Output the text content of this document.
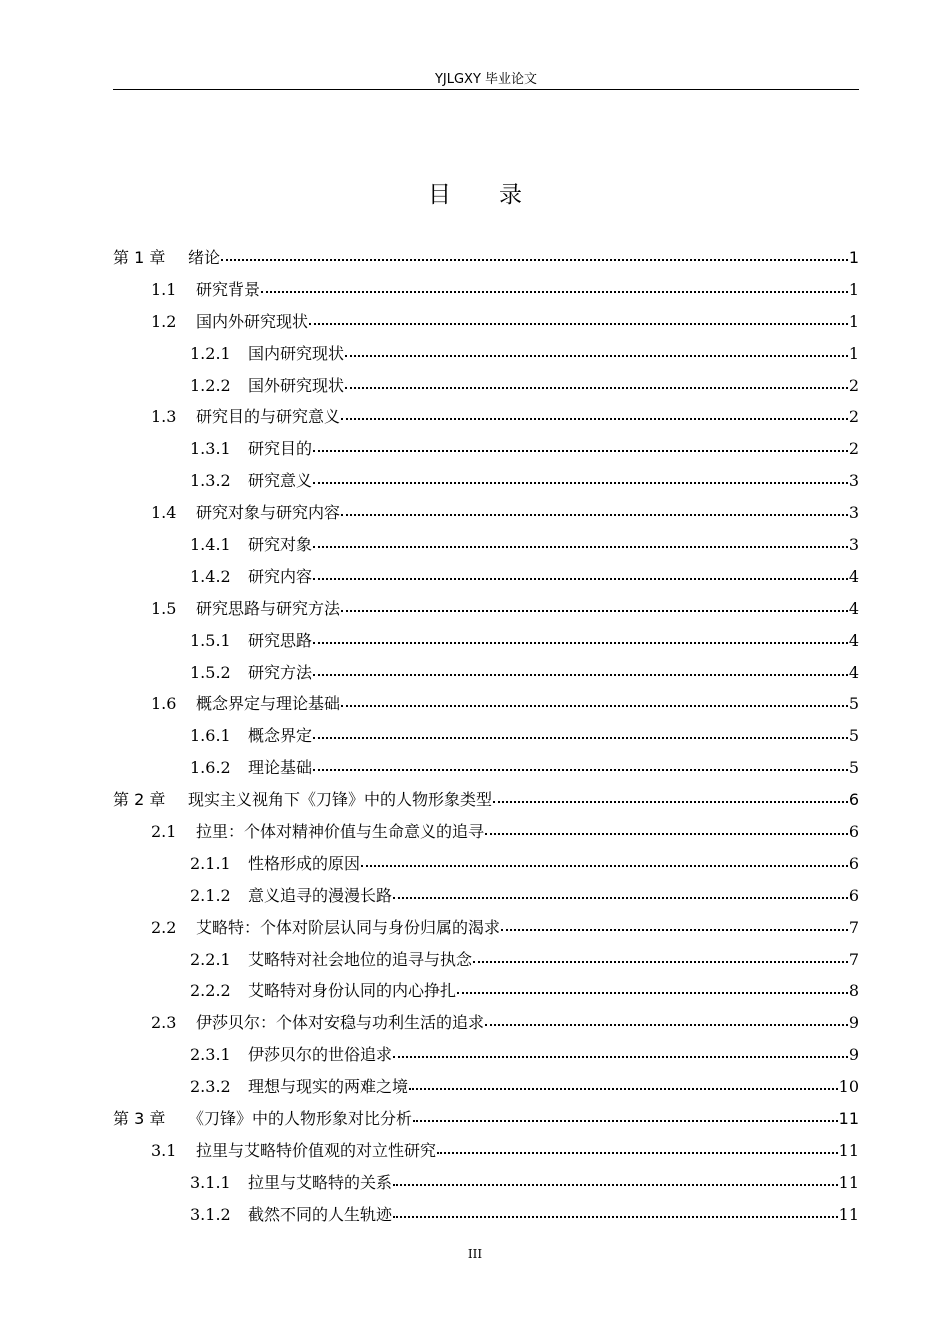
YJLGXY 毕业论文
目录
第 1 章	绪论	1
1.1	研究背景	1
1.2	国内外研究现状	1
1.2.1	国内研究现状	1
1.2.2	国外研究现状	2
1.3	研究目的与研究意义	2
1.3.1	研究目的	2
1.3.2	研究意义	3
1.4	研究对象与研究内容	3
1.4.1	研究对象	3
1.4.2	研究内容	4
1.5	研究思路与研究方法	4
1.5.1	研究思路	4
1.5.2	研究方法	4
1.6	概念界定与理论基础	5
1.6.1	概念界定	5
1.6.2	理论基础	5
第 2 章	现实主义视角下《刀锋》中的人物形象类型	6
2.1	拉里：个体对精神价值与生命意义的追寻	6
2.1.1	性格形成的原因	6
2.1.2	意义追寻的漫漫长路	6
2.2	艾略特：个体对阶层认同与身份归属的渴求	7
2.2.1	艾略特对社会地位的追寻与执念	7
2.2.2	艾略特对身份认同的内心挣扎	8
2.3	伊莎贝尔：个体对安稳与功利生活的追求	9
2.3.1	伊莎贝尔的世俗追求	9
2.3.2	理想与现实的两难之境	10
第 3 章	《刀锋》中的人物形象对比分析	11
3.1	拉里与艾略特价值观的对立性研究	11
3.1.1	拉里与艾略特的关系	11
3.1.2	截然不同的人生轨迹	11
III
